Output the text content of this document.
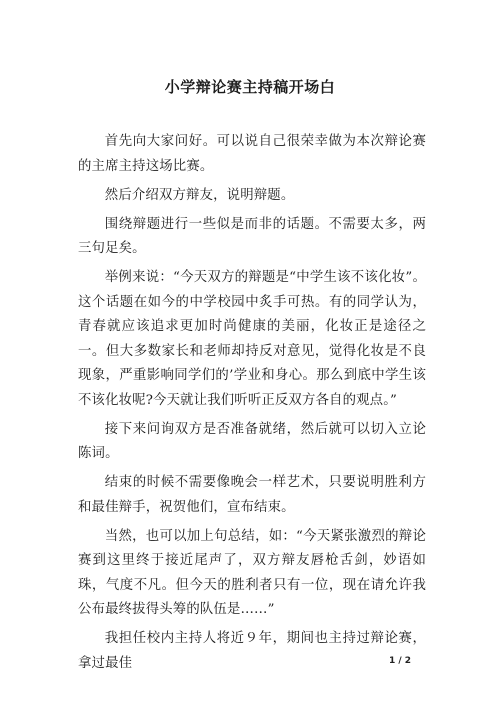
小学辩论赛主持稿开场白

首先向大家问好。可以说自己很荣幸做为本次辩论赛的主席主持这场比赛。

然后介绍双方辩友，说明辩题。

围绕辩题进行一些似是而非的话题。不需要太多，两三句足矣。

举例来说：“今天双方的辩题是“中学生该不该化妆”。这个话题在如今的中学校园中炙手可热。有的同学认为，青春就应该追求更加时尚健康的美丽，化妆正是途径之一。但大多数家长和老师却持反对意见，觉得化妆是不良现象，严重影响同学们的’学业和身心。那么到底中学生该不该化妆呢?今天就让我们听听正反双方各自的观点。”

接下来问询双方是否准备就绪，然后就可以切入立论陈词。

结束的时候不需要像晚会一样艺术，只要说明胜利方和最佳辩手，祝贺他们，宣布结束。

当然，也可以加上句总结，如：“今天紧张激烈的辩论赛到这里终于接近尾声了，双方辩友唇枪舌剑，妙语如珠，气度不凡。但今天的胜利者只有一位，现在请允许我公布最终拔得头筹的队伍是……”

我担任校内主持人将近９年，期间也主持过辩论赛，拿过最佳	1 / 2
